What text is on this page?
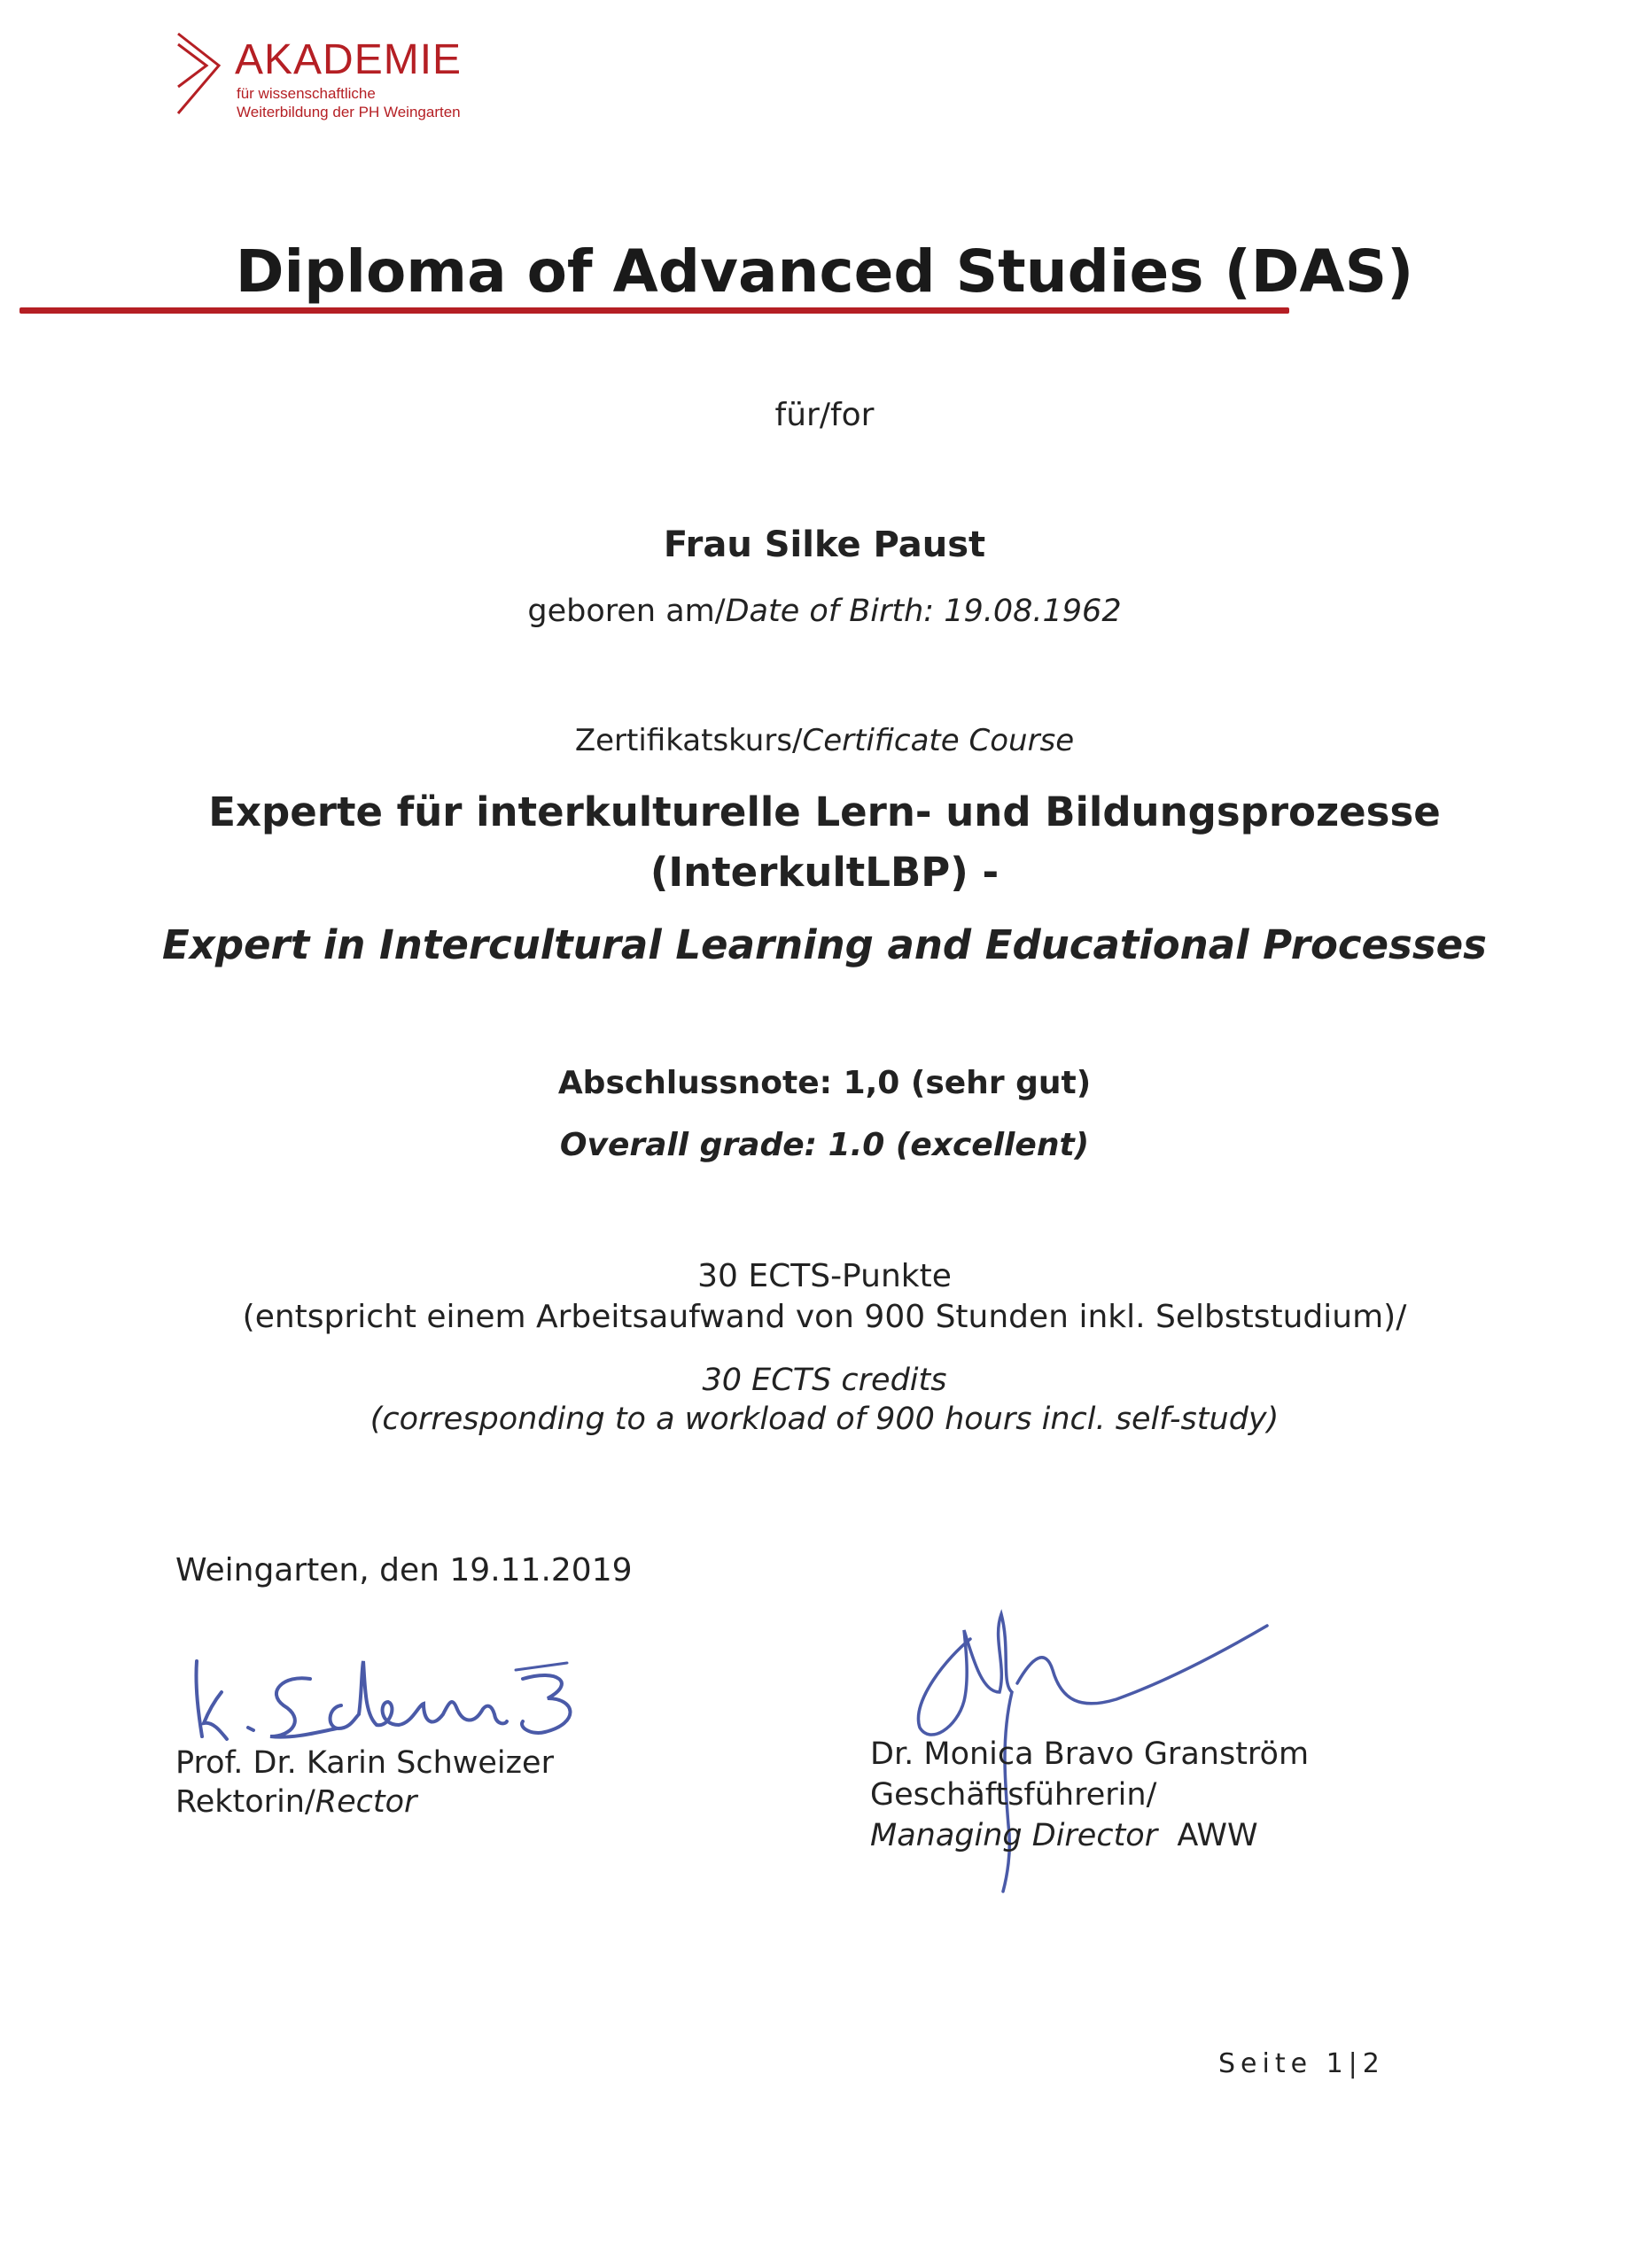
AKADEMIE
für wissenschaftliche
Weiterbildung der PH Weingarten
Diploma of Advanced Studies (DAS)
für/for
Frau Silke Paust
geboren am/Date of Birth: 19.08.1962
Zertifikatskurs/Certificate Course
Experte für interkulturelle Lern- und Bildungsprozesse
(InterkultLBP) -
Expert in Intercultural Learning and Educational Processes
Abschlussnote: 1,0 (sehr gut)
Overall grade: 1.0 (excellent)
30 ECTS-Punkte
(entspricht einem Arbeitsaufwand von 900 Stunden inkl. Selbststudium)/
30 ECTS credits
(corresponding to a workload of 900 hours incl. self-study)
Weingarten, den 19.11.2019
Prof. Dr. Karin Schweizer
Rektorin/Rector
Dr. Monica Bravo Granström
Geschäftsführerin/
Managing Director AWW
Seite 1|2
